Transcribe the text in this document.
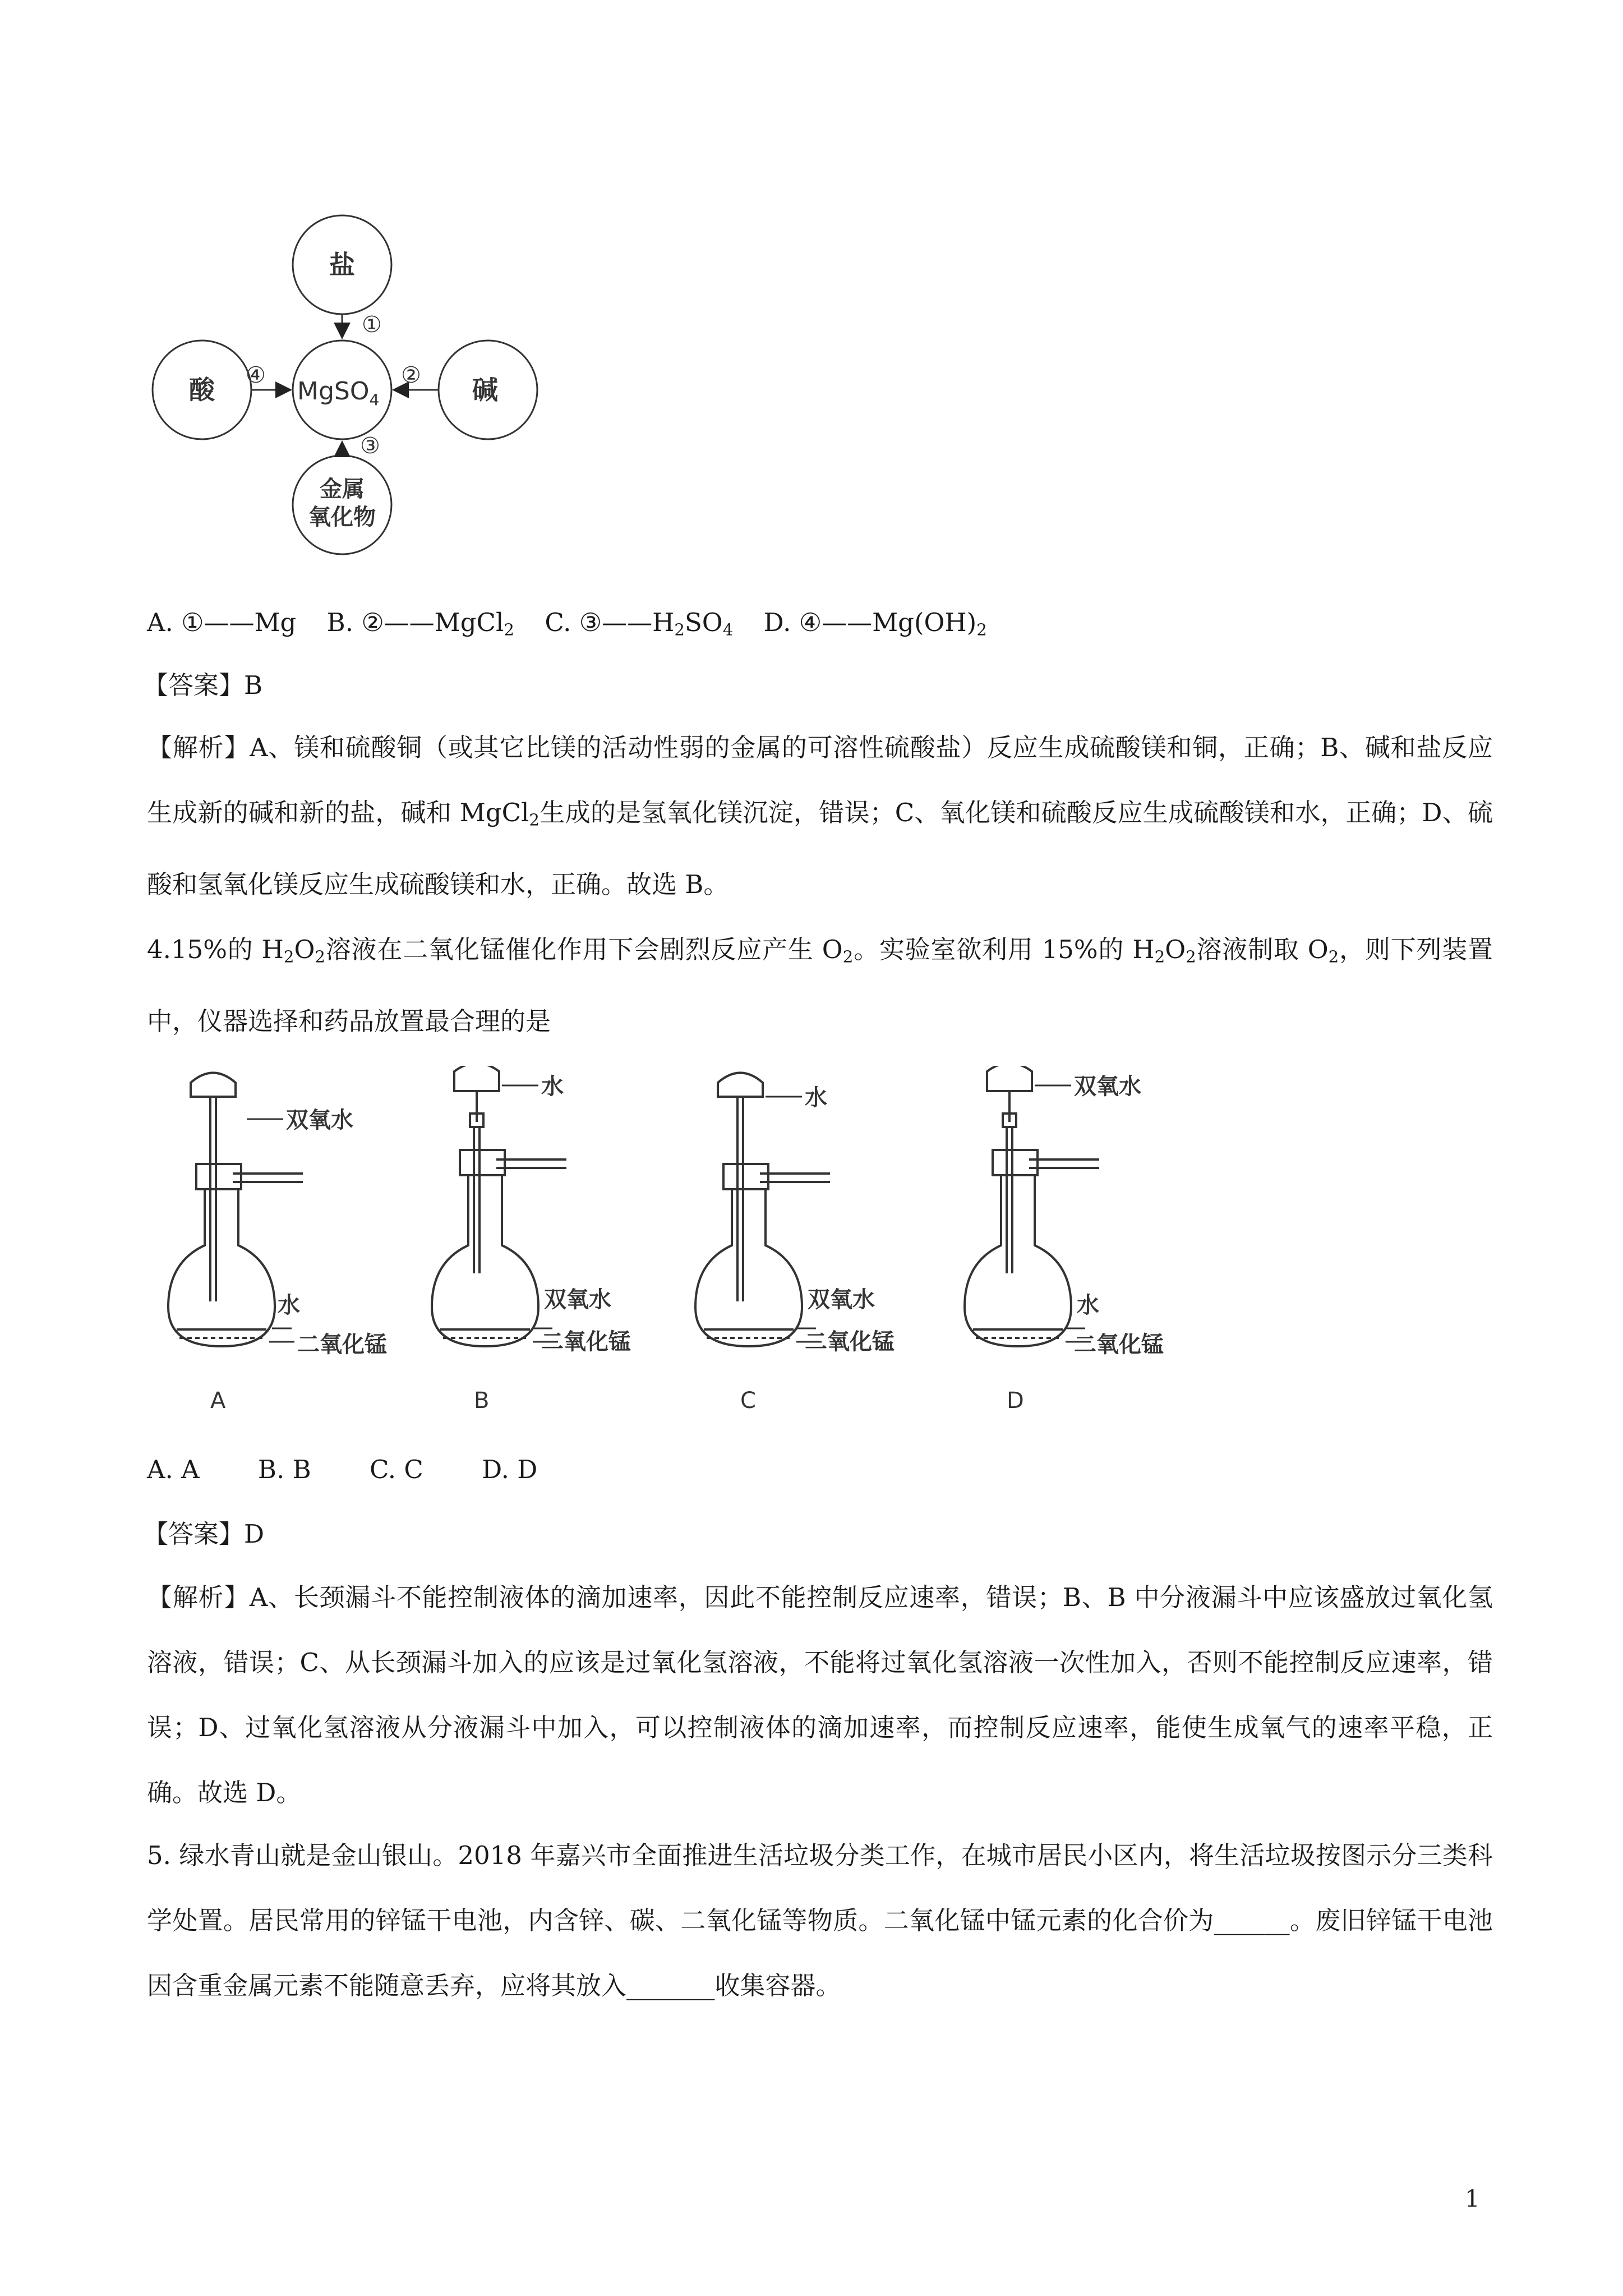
盐
酸	碱
金属
氧化物
MgSO$_4$
①
②
③
④
A. ①——Mg B. ②——MgCl$_2$ C. $③——H_2SO_4$ D. $④——Mg(OH)_2$
【答案】B
【解析】A、镁和硫酸铜（或其它比镁的活动性弱的金属的可溶性硫酸盐）反应生成硫酸镁和铜，正确；B、碱和盐反应生成新的碱和新的盐，碱和 MgCl$_2$生成的是氢氧化镁沉淀，错误；C、氧化镁和硫酸反应生成硫酸镁和水，正确；D、硫酸和氢氧化镁反应生成硫酸镁和水，正确。故选 B。
4.15%的 $H_2O_2$溶液在二氧化锰催化作用下会剧烈反应产生 $O_2$。实验室欲利用 15%的 $H_2O_2$溶液制取 $O_2$，则下列装置中，仪器选择和药品放置最合理的是
双氧水
水
二氧化锰
A
水
双氧水
二氧化锰
B
水
双氧水
二氧化锰
C
双氧水
水
二氧化锰
D
A. A B. B C. C D. D
【答案】D
【解析】A、长颈漏斗不能控制液体的滴加速率，因此不能控制反应速率，错误；B、B 中分液漏斗中应该盛放过氧化氢溶液，错误；C、从长颈漏斗加入的应该是过氧化氢溶液，不能将过氧化氢溶液一次性加入，否则不能控制反应速率，错误；D、过氧化氢溶液从分液漏斗中加入，可以控制液体的滴加速率，而控制反应速率，能使生成氧气的速率平稳，正确。故选 D。
5. 绿水青山就是金山银山。2018 年嘉兴市全面推进生活垃圾分类工作，在城市居民小区内，将生活垃圾按图示分三类科学处置。居民常用的锌锰干电池，内含锌、碳、二氧化锰等物质。二氧化锰中锰元素的化合价为______。废旧锌锰干电池因含重金属元素不能随意丢弃，应将其放入_______收集容器。
1
